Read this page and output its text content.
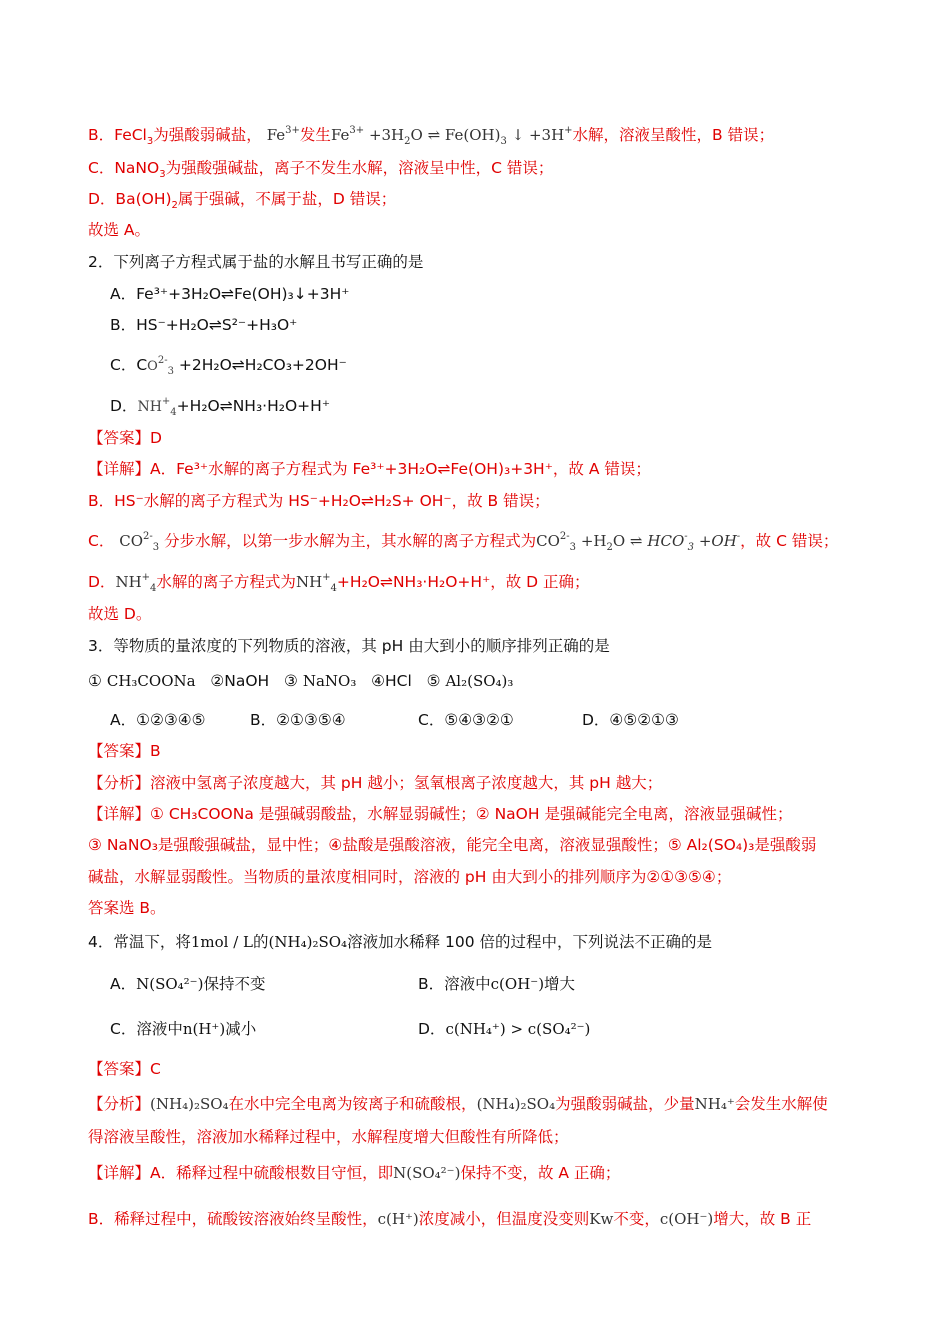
B．FeCl$_3$为强酸弱碱盐， $Fe^{3+}$发生$Fe^{3+} +3H_2O$ ⇌ $Fe(OH)_3$ ↓ +3H+水解，溶液呈酸性，B 错误；
C．NaNO$_3$为强酸强碱盐，离子不发生水解，溶液呈中性，C 错误；
D．$Ba(OH)_2$属于强碱，不属于盐，D 错误；
故选 A。
2．下列离子方程式属于盐的水解且书写正确的是
A．Fe³⁺+3H₂O⇌Fe(OH)₃↓+3H⁺
B．HS⁻+H₂O⇌S²⁻+H₃O⁺
C．$CO^{2-}_3$ +2H₂O⇌H₂CO₃+2OH⁻
D．$NH^+_4+H_2O\rightleftharpoons NH_3\cdot H_2O+H^+$
【答案】D
【详解】A．Fe³⁺水解的离子方程式为 Fe³⁺+3H₂O⇌Fe(OH)₃+3H⁺，故 A 错误；
B．HS⁻水解的离子方程式为 HS⁻+H₂O⇌H₂S+ OH⁻，故 B 错误；
C． $CO^{2-}_3$ 分步水解，以第一步水解为主，其水解的离子方程式为$CO^{2-}_3 +H_2O$ ⇌ $HCO^-_3 +OH^-$，故 C 错误；
D．$NH^+_4$水解的离子方程式为$NH^+_4+H_2O\rightleftharpoons NH_3\cdot H_2O+H^+$，故 D 正确；
故选 D。
3．等物质的量浓度的下列物质的溶液，其 pH 由大到小的顺序排列正确的是
① CH₃COONa ②NaOH ③ NaNO₃ ④HCl ⑤ Al₂(SO₄)₃
A．①②③④⑤	B．②①③⑤④	C．⑤④③②①	D．④⑤②①③
【答案】B
【分析】溶液中氢离子浓度越大，其 pH 越小；氢氧根离子浓度越大，其 pH 越大；
【详解】① CH₃COONa 是强碱弱酸盐，水解显弱碱性；② NaOH 是强碱能完全电离，溶液显强碱性；
③ NaNO₃是强酸强碱盐，显中性；④盐酸是强酸溶液，能完全电离，溶液显强酸性；⑤ Al₂(SO₄)₃是强酸弱
碱盐，水解显弱酸性。当物质的量浓度相同时，溶液的 pH 由大到小的排列顺序为②①③⑤④；
答案选 B。
4．常温下，将1mol / L的(NH₄)₂SO₄溶液加水稀释 100 倍的过程中，下列说法不正确的是
A．N(SO₄²⁻)保持不变	B．溶液中c(OH⁻)增大
C．溶液中n(H⁺)减小	D．c(NH₄⁺) > c(SO₄²⁻)
【答案】C
【分析】(NH₄)₂SO₄在水中完全电离为铵离子和硫酸根，(NH₄)₂SO₄为强酸弱碱盐，少量NH₄⁺会发生水解使
得溶液呈酸性，溶液加水稀释过程中，水解程度增大但酸性有所降低；
【详解】A．稀释过程中硫酸根数目守恒，即N(SO₄²⁻)保持不变，故 A 正确；
B．稀释过程中，硫酸铵溶液始终呈酸性，c(H⁺)浓度减小，但温度没变则Kw不变，c(OH⁻)增大，故 B 正
